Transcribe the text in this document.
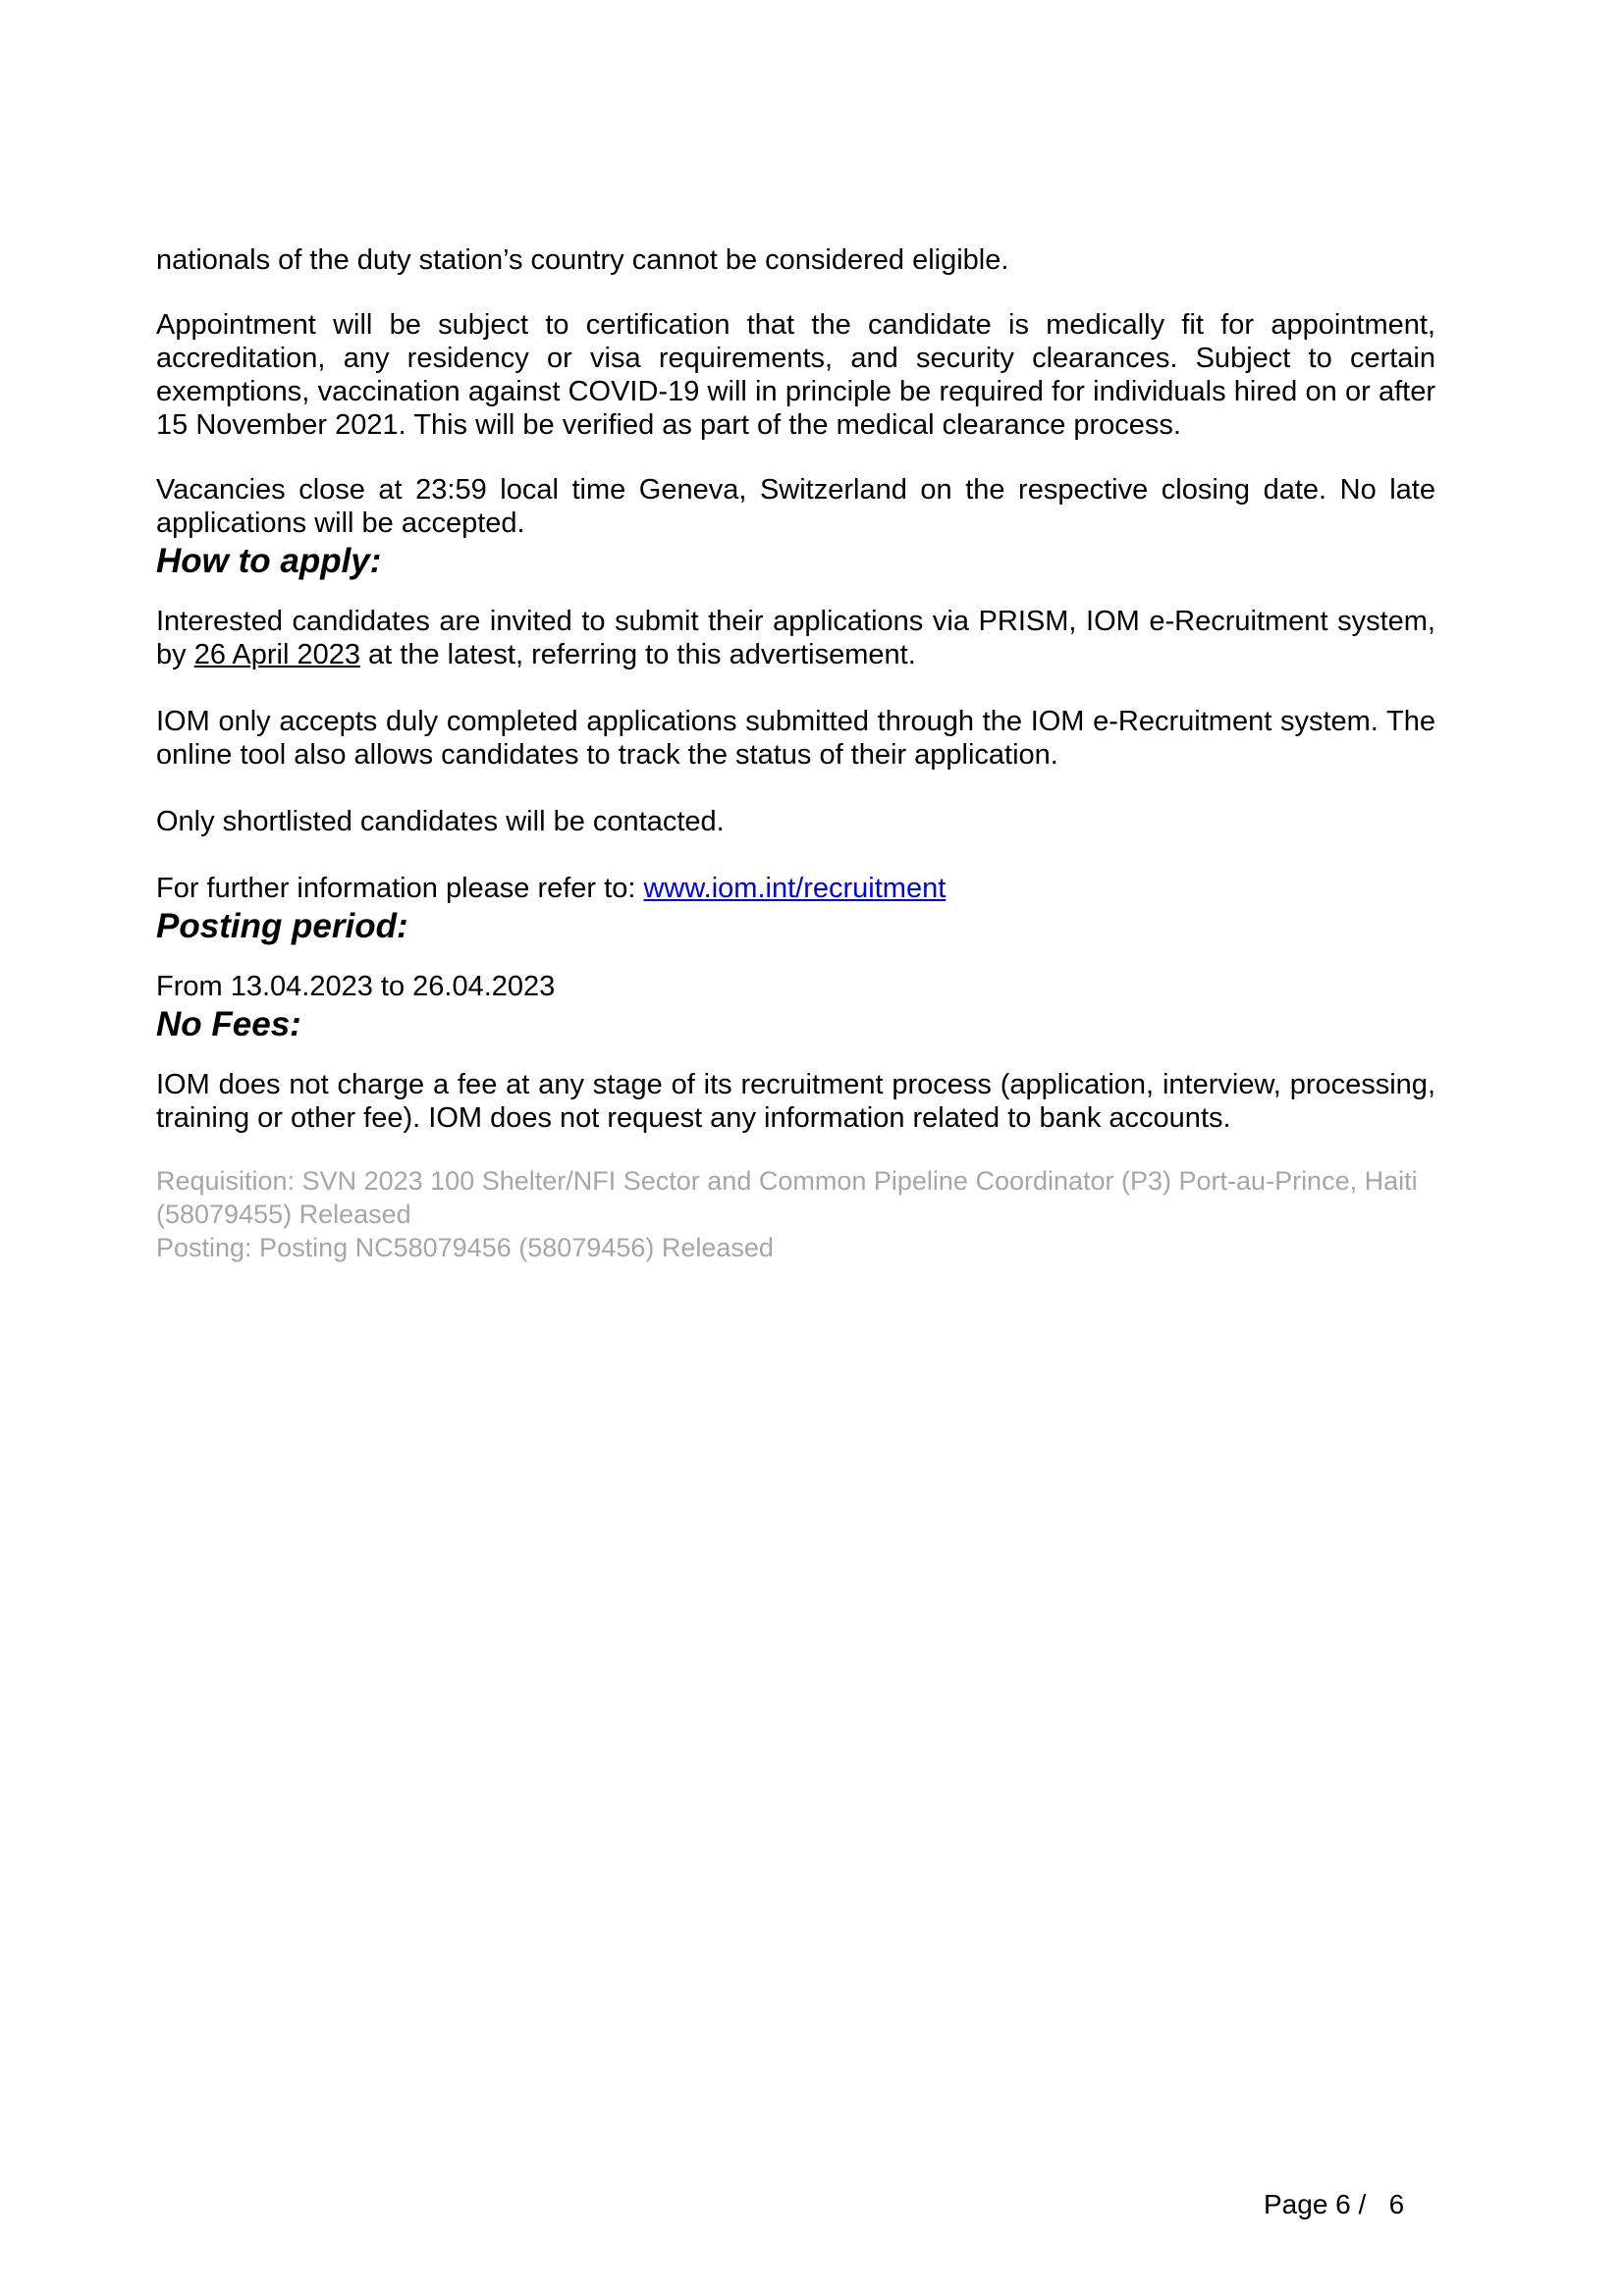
nationals of the duty station’s country cannot be considered eligible.

Appointment will be subject to certification that the candidate is medically fit for appointment, accreditation, any residency or visa requirements, and security clearances. Subject to certain exemptions, vaccination against COVID-19 will in principle be required for individuals hired on or after 15 November 2021. This will be verified as part of the medical clearance process.

Vacancies close at 23:59 local time Geneva, Switzerland on the respective closing date. No late applications will be accepted.

How to apply:

Interested candidates are invited to submit their applications via PRISM, IOM e-Recruitment system, by 26 April 2023 at the latest, referring to this advertisement.

IOM only accepts duly completed applications submitted through the IOM e-Recruitment system. The online tool also allows candidates to track the status of their application.

Only shortlisted candidates will be contacted.

For further information please refer to: www.iom.int/recruitment

Posting period:

From 13.04.2023 to 26.04.2023

No Fees:

IOM does not charge a fee at any stage of its recruitment process (application, interview, processing, training or other fee). IOM does not request any information related to bank accounts.

Requisition: SVN 2023 100 Shelter/NFI Sector and Common Pipeline Coordinator (P3) Port-au-Prince, Haiti (58079455) Released

Posting: Posting NC58079456 (58079456) Released

Page 6 /   6
